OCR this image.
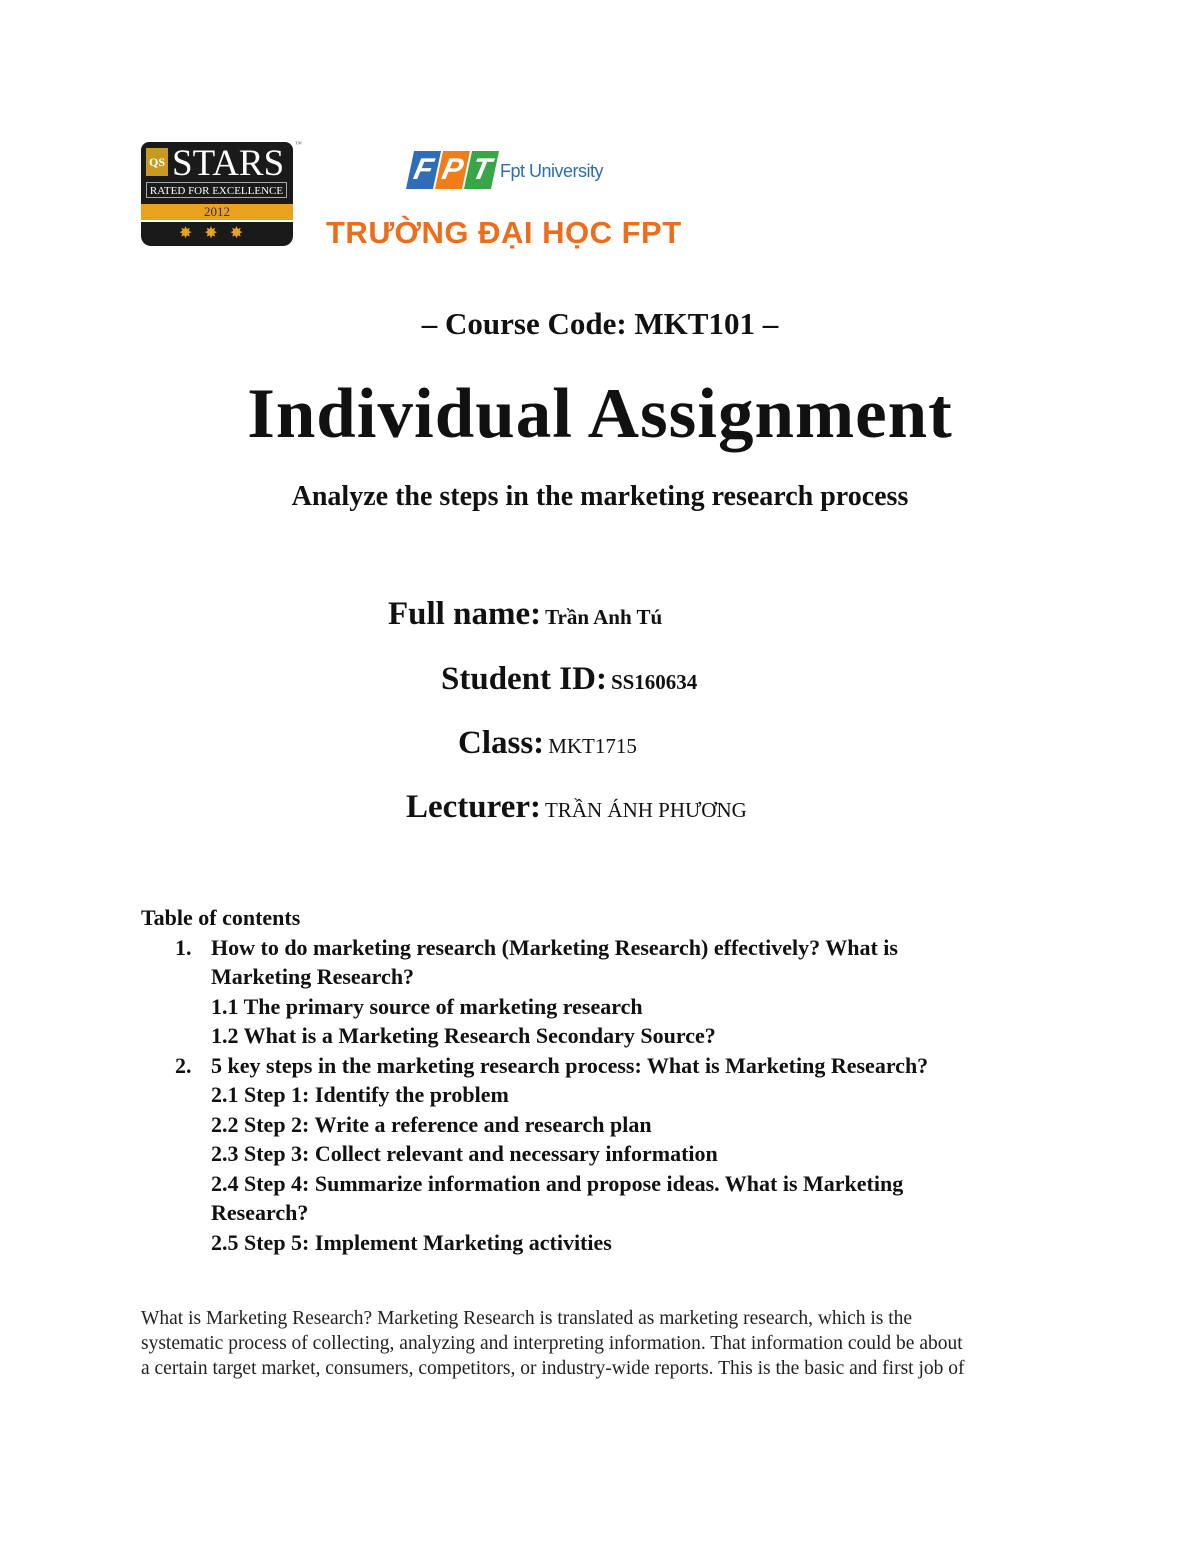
QS STARS
RATED FOR EXCELLENCE
2012
✸✸✸
™
F P T Fpt University
TRƯỜNG ĐẠI HỌC FPT
– Course Code: MKT101 –
Individual Assignment
Analyze the steps in the marketing research process
Full name: Trần Anh Tú
Student ID: SS160634
Class: MKT1715
Lecturer: TRẦN ÁNH PHƯƠNG
Table of contents
1. How to do marketing research (Marketing Research) effectively? What is
Marketing Research?
1.1 The primary source of marketing research
1.2 What is a Marketing Research Secondary Source?
2. 5 key steps in the marketing research process: What is Marketing Research?
2.1 Step 1: Identify the problem
2.2 Step 2: Write a reference and research plan
2.3 Step 3: Collect relevant and necessary information
2.4 Step 4: Summarize information and propose ideas. What is Marketing
Research?
2.5 Step 5: Implement Marketing activities
What is Marketing Research? Marketing Research is translated as marketing research, which is the
systematic process of collecting, analyzing and interpreting information. That information could be about
a certain target market, consumers, competitors, or industry-wide reports. This is the basic and first job of
